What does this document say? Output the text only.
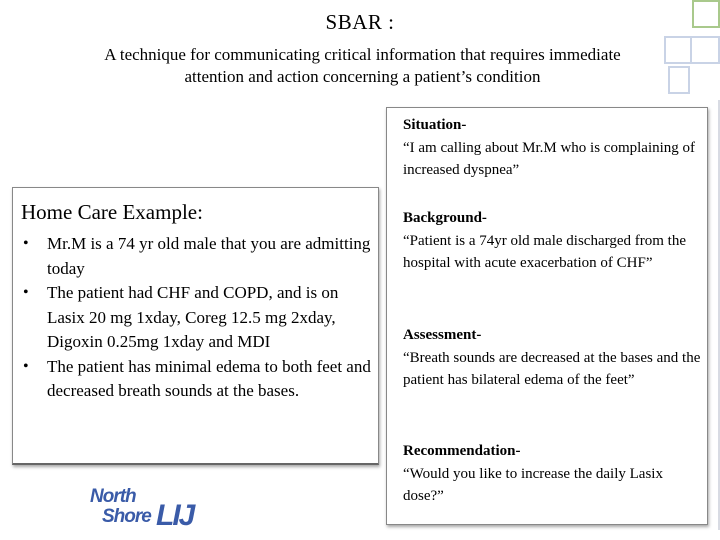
SBAR :
A technique for communicating critical information that requires immediate
attention and action concerning a patient’s condition
Home Care Example:
• Mr.M is a 74 yr old male that you are admitting today
• The patient had CHF and COPD, and is on Lasix 20 mg 1xday, Coreg 12.5 mg 2xday, Digoxin 0.25mg 1xday and MDI
• The patient has minimal edema to both feet and decreased breath sounds at the bases.
Situation-
“I am calling about Mr.M who is complaining of increased dyspnea”
Background-
“Patient is a 74yr old male discharged from the hospital with acute exacerbation of CHF”
Assessment-
“Breath sounds are decreased at the bases and the patient has bilateral edema of the feet”
Recommendation-
“Would you like to increase the daily Lasix dose?”
North
Shore LIJ
